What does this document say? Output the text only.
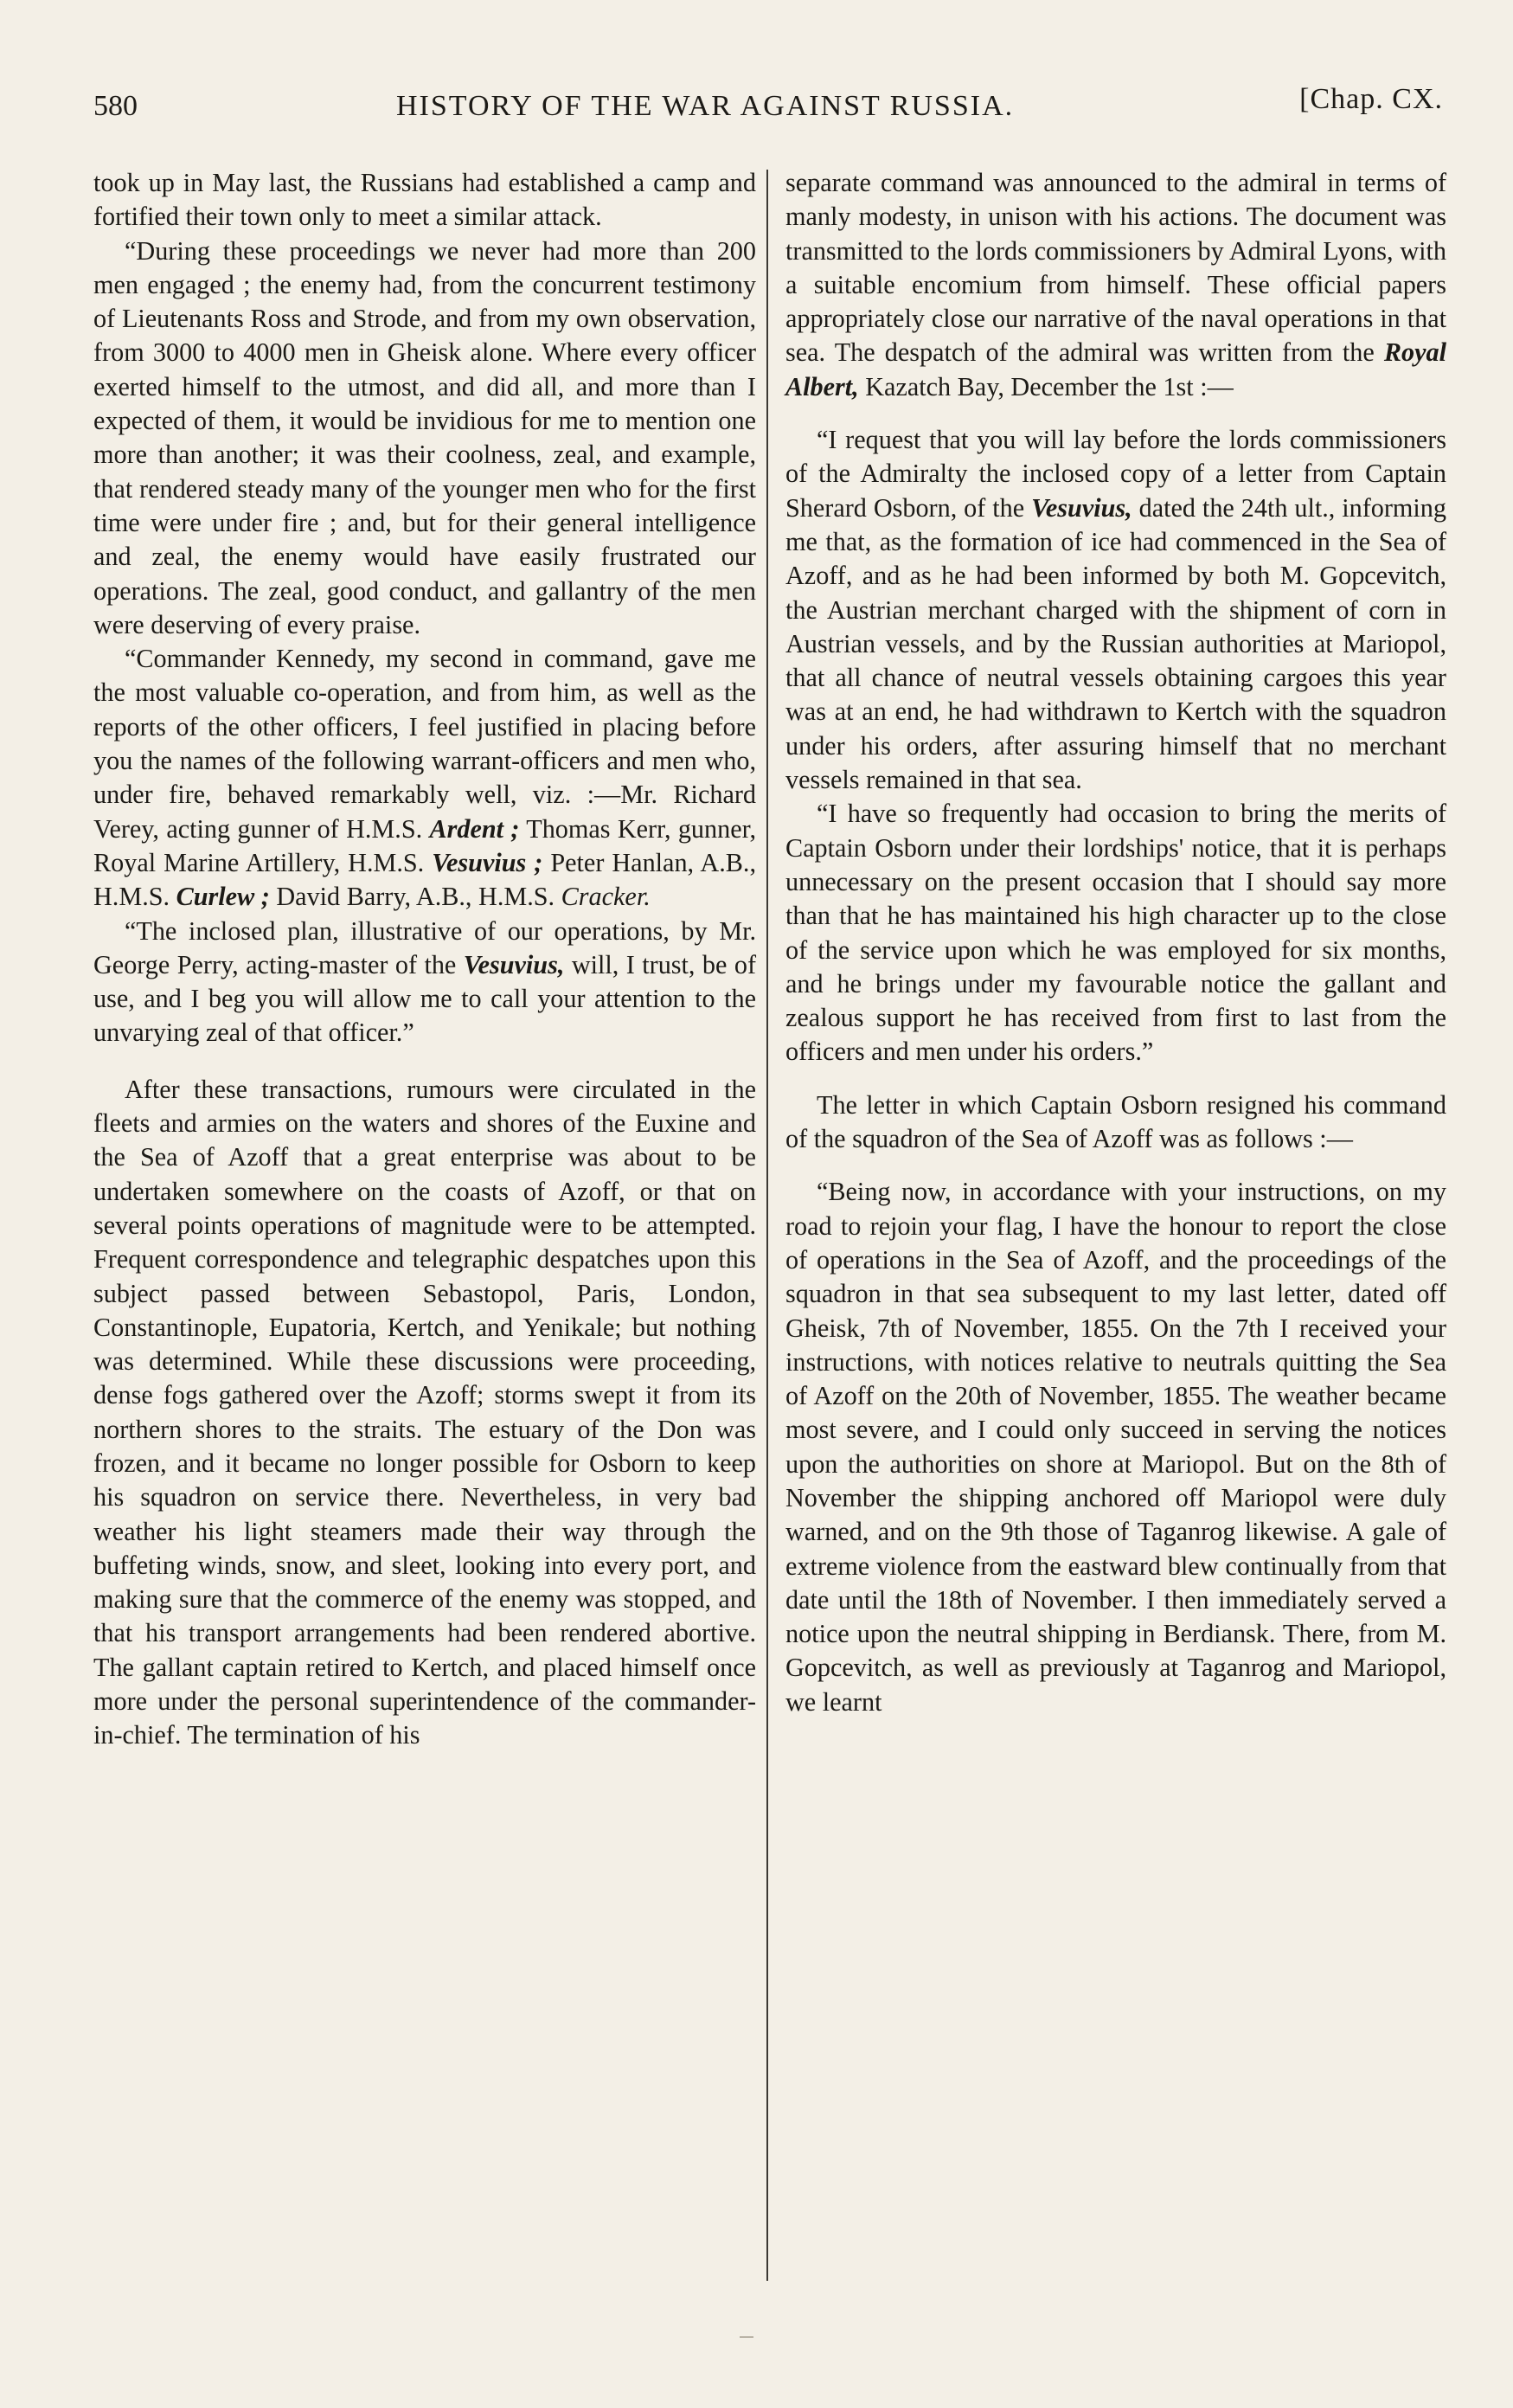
580	HISTORY OF THE WAR AGAINST RUSSIA.	[Chap. CX.

took up in May last, the Russians had established a camp and fortified their town only to meet a similar attack.

“During these proceedings we never had more than 200 men engaged ; the enemy had, from the concurrent testimony of Lieutenants Ross and Strode, and from my own observation, from 3000 to 4000 men in Gheisk alone. Where every officer exerted himself to the utmost, and did all, and more than I expected of them, it would be invidious for me to mention one more than another; it was their coolness, zeal, and example, that rendered steady many of the younger men who for the first time were under fire ; and, but for their general intelligence and zeal, the enemy would have easily frustrated our operations. The zeal, good conduct, and gallantry of the men were deserving of every praise.

“Commander Kennedy, my second in command, gave me the most valuable co-operation, and from him, as well as the reports of the other officers, I feel justified in placing before you the names of the following warrant-officers and men who, under fire, behaved remarkably well, viz. :—Mr. Richard Verey, acting gunner of H.M.S. Ardent ; Thomas Kerr, gunner, Royal Marine Artillery, H.M.S. Vesuvius ; Peter Hanlan, A.B., H.M.S. Curlew ; David Barry, A.B., H.M.S. Cracker.

“The inclosed plan, illustrative of our operations, by Mr. George Perry, acting-master of the Vesuvius, will, I trust, be of use, and I beg you will allow me to call your attention to the unvarying zeal of that officer.”

After these transactions, rumours were circulated in the fleets and armies on the waters and shores of the Euxine and the Sea of Azoff that a great enterprise was about to be undertaken somewhere on the coasts of Azoff, or that on several points operations of magnitude were to be attempted. Frequent correspondence and telegraphic despatches upon this subject passed between Sebastopol, Paris, London, Constantinople, Eupatoria, Kertch, and Yenikale; but nothing was determined. While these discussions were proceeding, dense fogs gathered over the Azoff; storms swept it from its northern shores to the straits. The estuary of the Don was frozen, and it became no longer possible for Osborn to keep his squadron on service there. Nevertheless, in very bad weather his light steamers made their way through the buffeting winds, snow, and sleet, looking into every port, and making sure that the commerce of the enemy was stopped, and that his transport arrangements had been rendered abortive. The gallant captain retired to Kertch, and placed himself once more under the personal superintendence of the commander-in-chief. The termination of his

separate command was announced to the admiral in terms of manly modesty, in unison with his actions. The document was transmitted to the lords commissioners by Admiral Lyons, with a suitable encomium from himself. These official papers appropriately close our narrative of the naval operations in that sea. The despatch of the admiral was written from the Royal Albert, Kazatch Bay, December the 1st :—

“I request that you will lay before the lords commissioners of the Admiralty the inclosed copy of a letter from Captain Sherard Osborn, of the Vesuvius, dated the 24th ult., informing me that, as the formation of ice had commenced in the Sea of Azoff, and as he had been informed by both M. Gopcevitch, the Austrian merchant charged with the shipment of corn in Austrian vessels, and by the Russian authorities at Mariopol, that all chance of neutral vessels obtaining cargoes this year was at an end, he had withdrawn to Kertch with the squadron under his orders, after assuring himself that no merchant vessels remained in that sea.

“I have so frequently had occasion to bring the merits of Captain Osborn under their lordships' notice, that it is perhaps unnecessary on the present occasion that I should say more than that he has maintained his high character up to the close of the service upon which he was employed for six months, and he brings under my favourable notice the gallant and zealous support he has received from first to last from the officers and men under his orders.”

The letter in which Captain Osborn resigned his command of the squadron of the Sea of Azoff was as follows :—

“Being now, in accordance with your instructions, on my road to rejoin your flag, I have the honour to report the close of operations in the Sea of Azoff, and the proceedings of the squadron in that sea subsequent to my last letter, dated off Gheisk, 7th of November, 1855. On the 7th I received your instructions, with notices relative to neutrals quitting the Sea of Azoff on the 20th of November, 1855. The weather became most severe, and I could only succeed in serving the notices upon the authorities on shore at Mariopol. But on the 8th of November the shipping anchored off Mariopol were duly warned, and on the 9th those of Taganrog likewise. A gale of extreme violence from the eastward blew continually from that date until the 18th of November. I then immediately served a notice upon the neutral shipping in Berdiansk. There, from M. Gopcevitch, as well as previously at Taganrog and Mariopol, we learnt
